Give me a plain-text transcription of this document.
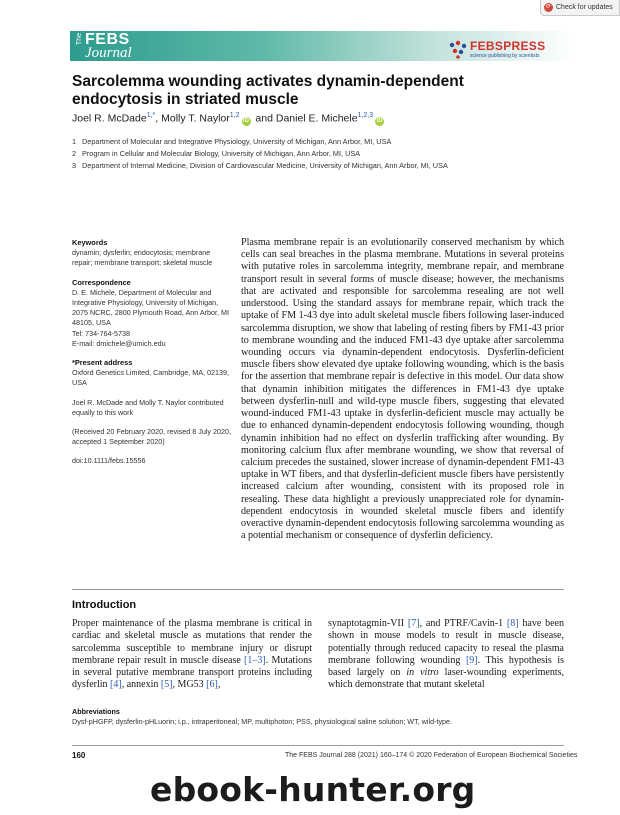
⟳ Check for updates
The FEBS
Journal	FEBSPRESS
science publishing by scientists
Sarcolemma wounding activates dynamin-dependent endocytosis in striated muscle
Joel R. McDade$^{1,*}$, Molly T. Naylor$^{1,2}$iD and Daniel E. Michele$^{1,2,3}$iD
1 Department of Molecular and Integrative Physiology, University of Michigan, Ann Arbor, MI, USA
2 Program in Cellular and Molecular Biology, University of Michigan, Ann Arbor, MI, USA
3 Department of Internal Medicine, Division of Cardiovascular Medicine, University of Michigan, Ann Arbor, MI, USA
Keywords
dynamin; dysferlin; endocytosis; membrane repair; membrane transport; skeletal muscle
Correspondence
D. E. Michele, Department of Molecular and Integrative Physiology, University of Michigan, 2075 NCRC, 2800 Plymouth Road, Ann Arbor, MI 48105, USA
Tel: 734-764-5738
E-mail: dmichele@umich.edu
*Present address
Oxford Genetics Limited, Cambridge, MA, 02139, USA
Joel R. McDade and Molly T. Naylor contributed equally to this work
(Received 20 February 2020, revised 8 July 2020, accepted 1 September 2020)
doi:10.1111/febs.15556
Plasma membrane repair is an evolutionarily conserved mechanism by which cells can seal breaches in the plasma membrane. Mutations in several proteins with putative roles in sarcolemma integrity, membrane repair, and membrane transport result in several forms of muscle disease; however, the mechanisms that are activated and responsible for sarcolemma resealing are not well understood. Using the standard assays for membrane repair, which track the uptake of FM 1-43 dye into adult skeletal muscle fibers following laser-induced sarcolemma disruption, we show that labeling of resting fibers by FM1-43 prior to membrane wounding and the induced FM1-43 dye uptake after sarcolemma wounding occurs via dynamin-dependent endocytosis. Dysferlin-deficient muscle fibers show elevated dye uptake following wounding, which is the basis for the assertion that membrane repair is defective in this model. Our data show that dynamin inhibition mitigates the differences in FM1-43 dye uptake between dysferlin-null and wild-type muscle fibers, suggesting that elevated wound-induced FM1-43 uptake in dysferlin-deficient muscle may actually be due to enhanced dynamin-dependent endocytosis following wounding, though dynamin inhibition had no effect on dysferlin trafficking after wounding. By monitoring calcium flux after membrane wounding, we show that reversal of calcium precedes the sustained, slower increase of dynamin-dependent FM1-43 uptake in WT fibers, and that dysferlin-deficient muscle fibers have persistently increased calcium after wounding, consistent with its proposed role in resealing. These data highlight a previously unappreciated role for dynamin-dependent endocytosis in wounded skeletal muscle fibers and identify overactive dynamin-dependent endocytosis following sarcolemma wounding as a potential mechanism or consequence of dysferlin deficiency.
Introduction
Proper maintenance of the plasma membrane is critical in cardiac and skeletal muscle as mutations that render the sarcolemma susceptible to membrane injury or disrupt membrane repair result in muscle disease [1–3]. Mutations in several putative membrane transport proteins including dysferlin [4], annexin [5], MG53 [6],
synaptotagmin-VII [7], and PTRF/Cavin-1 [8] have been shown in mouse models to result in muscle disease, potentially through reduced capacity to reseal the plasma membrane following wounding [9]. This hypothesis is based largely on in vitro laser-wounding experiments, which demonstrate that mutant skeletal
Abbreviations
Dysf-pHGFP, dysferlin-pHLuorin; i.p., intraperitoneal; MP, multiphoton; PSS, physiological saline solution; WT, wild-type.
160	The FEBS Journal 288 (2021) 160–174 © 2020 Federation of European Biochemical Societies
ebook-hunter.org
